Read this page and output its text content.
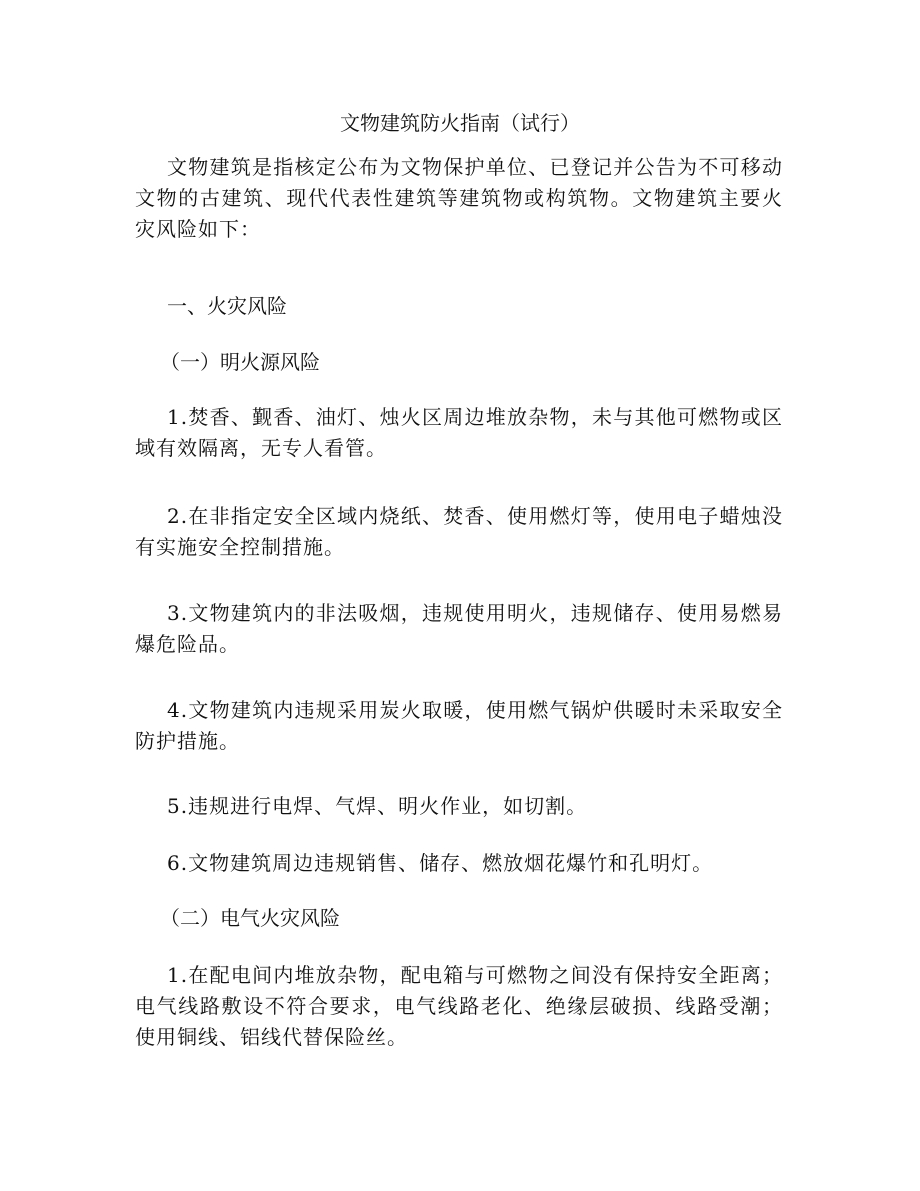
文物建筑防火指南（试行）
文物建筑是指核定公布为文物保护单位、已登记并公告为不可移动文物的古建筑、现代代表性建筑等建筑物或构筑物。文物建筑主要火灾风险如下：
一、火灾风险
（一）明火源风险
1.焚香、觐香、油灯、烛火区周边堆放杂物，未与其他可燃物或区域有效隔离，无专人看管。
2.在非指定安全区域内烧纸、焚香、使用燃灯等，使用电子蜡烛没有实施安全控制措施。
3.文物建筑内的非法吸烟，违规使用明火，违规储存、使用易燃易爆危险品。
4.文物建筑内违规采用炭火取暖，使用燃气锅炉供暖时未采取安全防护措施。
5.违规进行电焊、气焊、明火作业，如切割。
6.文物建筑周边违规销售、储存、燃放烟花爆竹和孔明灯。
（二）电气火灾风险
1.在配电间内堆放杂物，配电箱与可燃物之间没有保持安全距离；电气线路敷设不符合要求，电气线路老化、绝缘层破损、线路受潮；使用铜线、铝线代替保险丝。
